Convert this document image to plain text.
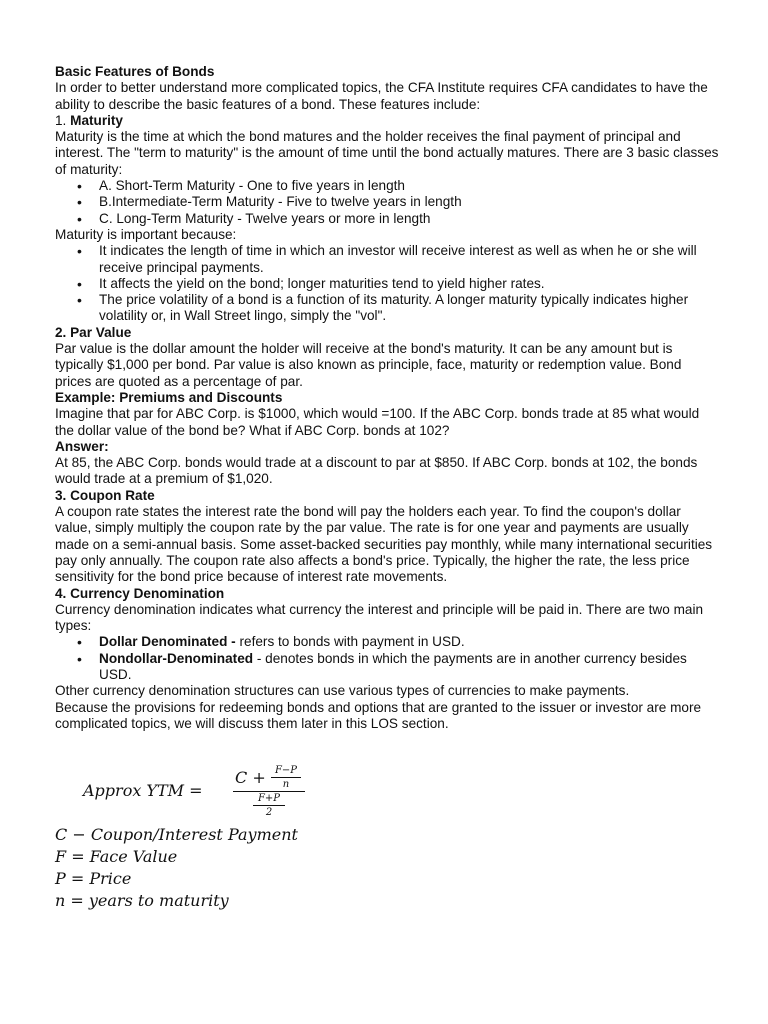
Basic Features of Bonds

In order to better understand more complicated topics, the CFA Institute requires CFA candidates to have the ability to describe the basic features of a bond. These features include:

1. Maturity

Maturity is the time at which the bond matures and the holder receives the final payment of principal and interest. The "term to maturity" is the amount of time until the bond actually matures. There are 3 basic classes of maturity:

• A. Short-Term Maturity - One to five years in length
• B.Intermediate-Term Maturity - Five to twelve years in length
• C. Long-Term Maturity - Twelve years or more in length

Maturity is important because:

• It indicates the length of time in which an investor will receive interest as well as when he or she will receive principal payments.
• It affects the yield on the bond; longer maturities tend to yield higher rates.
• The price volatility of a bond is a function of its maturity. A longer maturity typically indicates higher volatility or, in Wall Street lingo, simply the "vol".

2. Par Value

Par value is the dollar amount the holder will receive at the bond's maturity. It can be any amount but is typically $1,000 per bond. Par value is also known as principle, face, maturity or redemption value. Bond prices are quoted as a percentage of par.

Example: Premiums and Discounts

Imagine that par for ABC Corp. is $1000, which would =100. If the ABC Corp. bonds trade at 85 what would the dollar value of the bond be? What if ABC Corp. bonds at 102?

Answer:

At 85, the ABC Corp. bonds would trade at a discount to par at $850. If ABC Corp. bonds at 102, the bonds would trade at a premium of $1,020.

3. Coupon Rate

A coupon rate states the interest rate the bond will pay the holders each year. To find the coupon's dollar value, simply multiply the coupon rate by the par value. The rate is for one year and payments are usually made on a semi-annual basis. Some asset-backed securities pay monthly, while many international securities pay only annually. The coupon rate also affects a bond's price. Typically, the higher the rate, the less price sensitivity for the bond price because of interest rate movements.

4. Currency Denomination

Currency denomination indicates what currency the interest and principle will be paid in. There are two main types:

• Dollar Denominated - refers to bonds with payment in USD.
• Nondollar-Denominated - denotes bonds in which the payments are in another currency besides USD.

Other currency denomination structures can use various types of currencies to make payments.

Because the provisions for redeeming bonds and options that are granted to the issuer or investor are more complicated topics, we will discuss them later in this LOS section.

Approx YTM =
C + F−P
n
F+P
2
C − Coupon/Interest Payment
F = Face Value
P = Price
n = years to maturity
